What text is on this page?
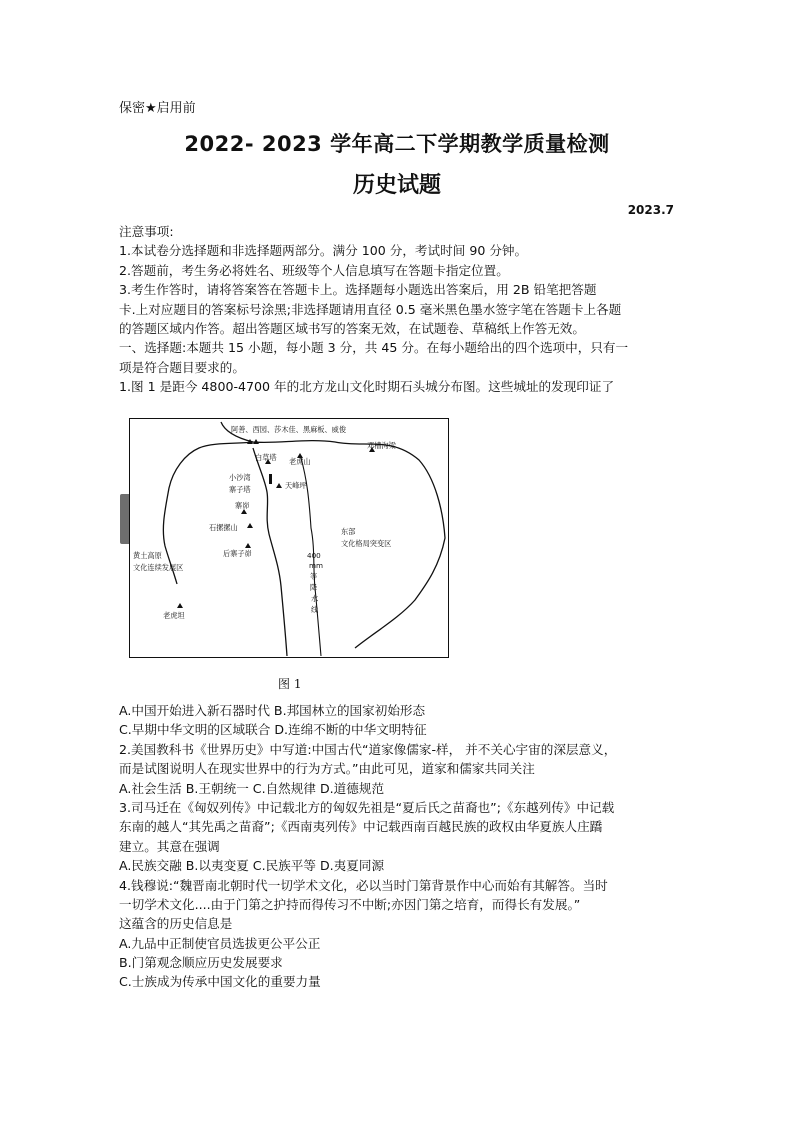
保密★启用前
2022- 2023 学年高二下学期教学质量检测
历史试题
2023.7
注意事项:
1.本试卷分选择题和非选择题两部分。满分 100 分，考试时间 90 分钟。
2.答题前，考生务必将姓名、班级等个人信息填写在答题卡指定位置。
3.考生作答时，请将答案答在答题卡上。选择题每小题选出答案后，用 2B 铅笔把答题
卡.上对应题目的答案标号涂黑;非选择题请用直径 0.5 毫米黑色墨水签字笔在答题卡上各题
的答题区域内作答。超出答题区域书写的答案无效，在试题卷、草稿纸上作答无效。
一、选择题:本题共 15 小题，每小题 3 分，共 45 分。在每小题给出的四个选项中，只有一
项是符合题目要求的。
1.图 1 是距今 4800-4700 年的北方龙山文化时期石头城分布图。这些城址的发现印证了
阿善、西园、莎木佳、黑麻板、威俊
邓槽沟梁
白草塔 老虎山
小沙湾
寨子塔	天峰坪
寨峁
石摞摞山	东部
文化格局突变区
后寨子峁
黄土高原
文化连续发展区
400
mm
等
降
水
线
老虎坦
图 1
A.中国开始进入新石器时代 B.邦国林立的国家初始形态
C.早期中华文明的区域联合 D.连绵不断的中华文明特征
2.美国教科书《世界历史》中写道:中国古代“道家像儒家-样， 并不关心宇宙的深层意义，
而是试图说明人在现实世界中的行为方式。”由此可见，道家和儒家共同关注
A.社会生活 B.王朝统一 C.自然规律 D.道德规范
3.司马迁在《匈奴列传》中记载北方的匈奴先祖是“夏后氏之苗裔也”;《东越列传》中记载
东南的越人“其先禹之苗裔”;《西南夷列传》中记载西南百越民族的政权由华夏族人庄蹻
建立。其意在强调
A.民族交融 B.以夷变夏 C.民族平等 D.夷夏同源
4.钱穆说:“魏晋南北朝时代一切学术文化，必以当时门第背景作中心而始有其解答。当时
一切学术文化....由于门第之护持而得传习不中断;亦因门第之培育，而得长有发展。”
这蕴含的历史信息是
A.九品中正制使官员选拔更公平公正
B.门第观念顺应历史发展要求
C.士族成为传承中国文化的重要力量
